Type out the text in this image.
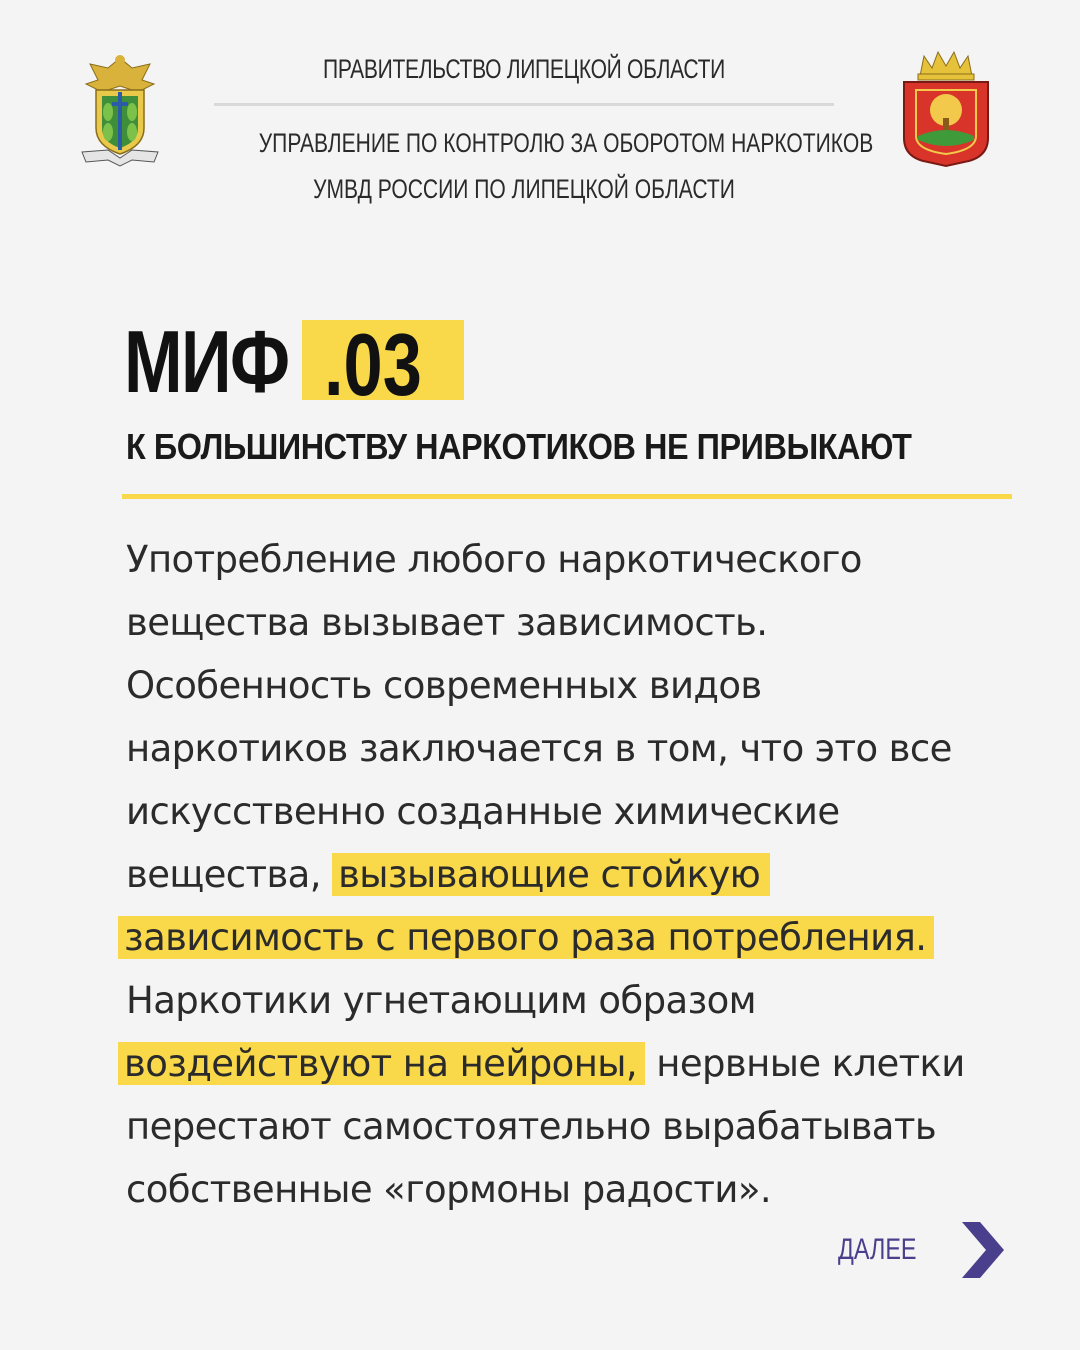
ПРАВИТЕЛЬСТВО ЛИПЕЦКОЙ ОБЛАСТИ
УПРАВЛЕНИЕ ПО КОНТРОЛЮ ЗА ОБОРОТОМ НАРКОТИКОВ
УМВД РОССИИ ПО ЛИПЕЦКОЙ ОБЛАСТИ
МИФ .03
К БОЛЬШИНСТВУ НАРКОТИКОВ НЕ ПРИВЫКАЮТ
Употребление любого наркотического
вещества вызывает зависимость.
Особенность современных видов
наркотиков заключается в том, что это все
искусственно созданные химические
вещества, вызывающие стойкую
зависимость с первого раза потребления.
Наркотики угнетающим образом
воздействуют на нейроны, нервные клетки
перестают самостоятельно вырабатывать
собственные «гормоны радости».
ДАЛЕЕ
